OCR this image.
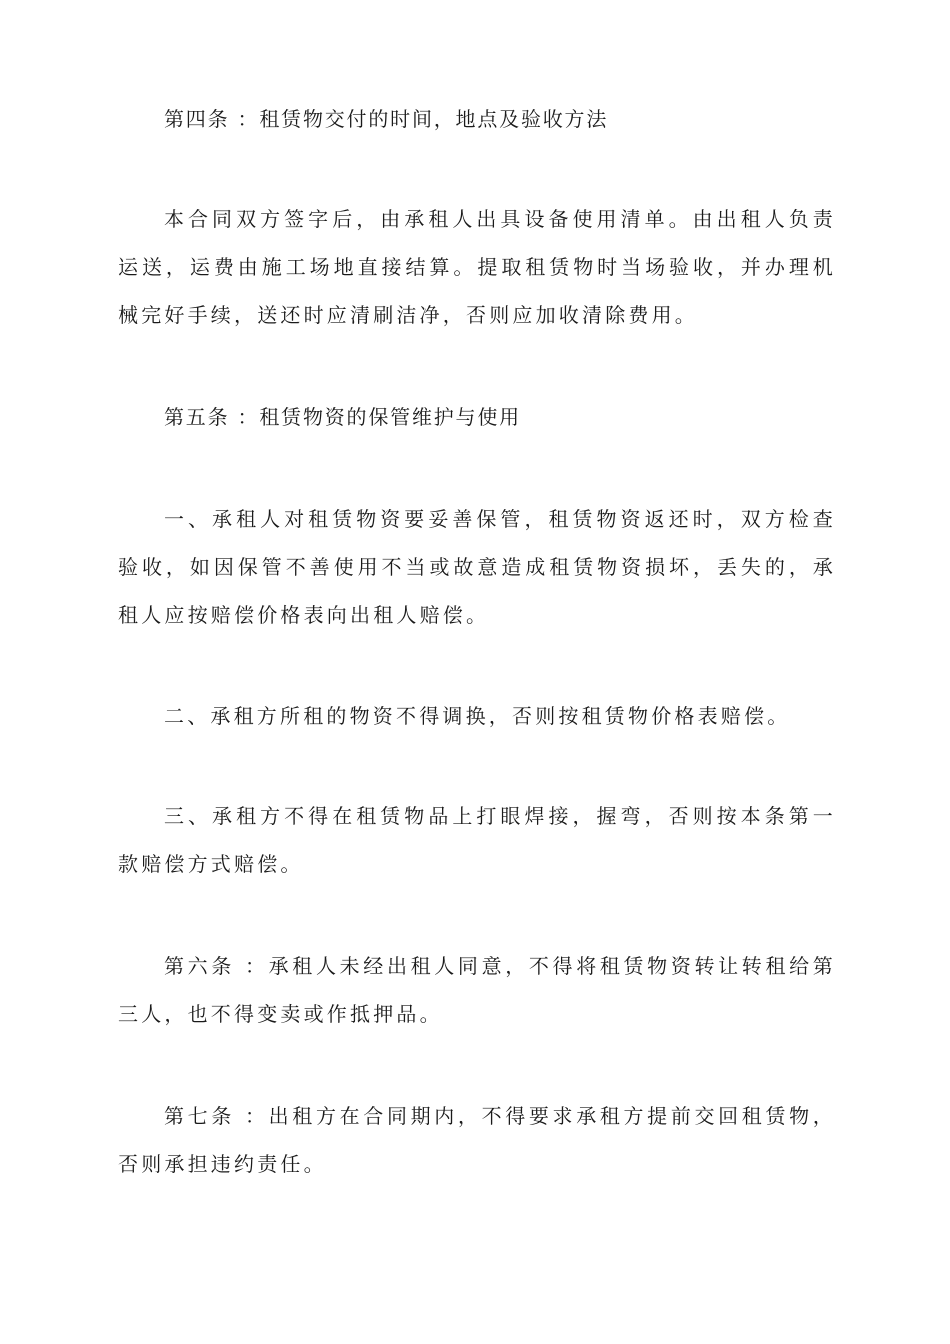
第四条 ：租赁物交付的时间，地点及验收方法

本合同双方签字后，由承租人出具设备使用清单。由出租人负责运送，运费由施工场地直接结算。提取租赁物时当场验收，并办理机械完好手续，送还时应清刷洁净，否则应加收清除费用。

第五条 ：租赁物资的保管维护与使用

一、承租人对租赁物资要妥善保管，租赁物资返还时，双方检查验收，如因保管不善使用不当或故意造成租赁物资损坏，丢失的，承租人应按赔偿价格表向出租人赔偿。

二、承租方所租的物资不得调换，否则按租赁物价格表赔偿。

三、承租方不得在租赁物品上打眼焊接，握弯，否则按本条第一款赔偿方式赔偿。

第六条 ：承租人未经出租人同意，不得将租赁物资转让转租给第三人，也不得变卖或作抵押品。

第七条 ：出租方在合同期内，不得要求承租方提前交回租赁物，否则承担违约责任。
